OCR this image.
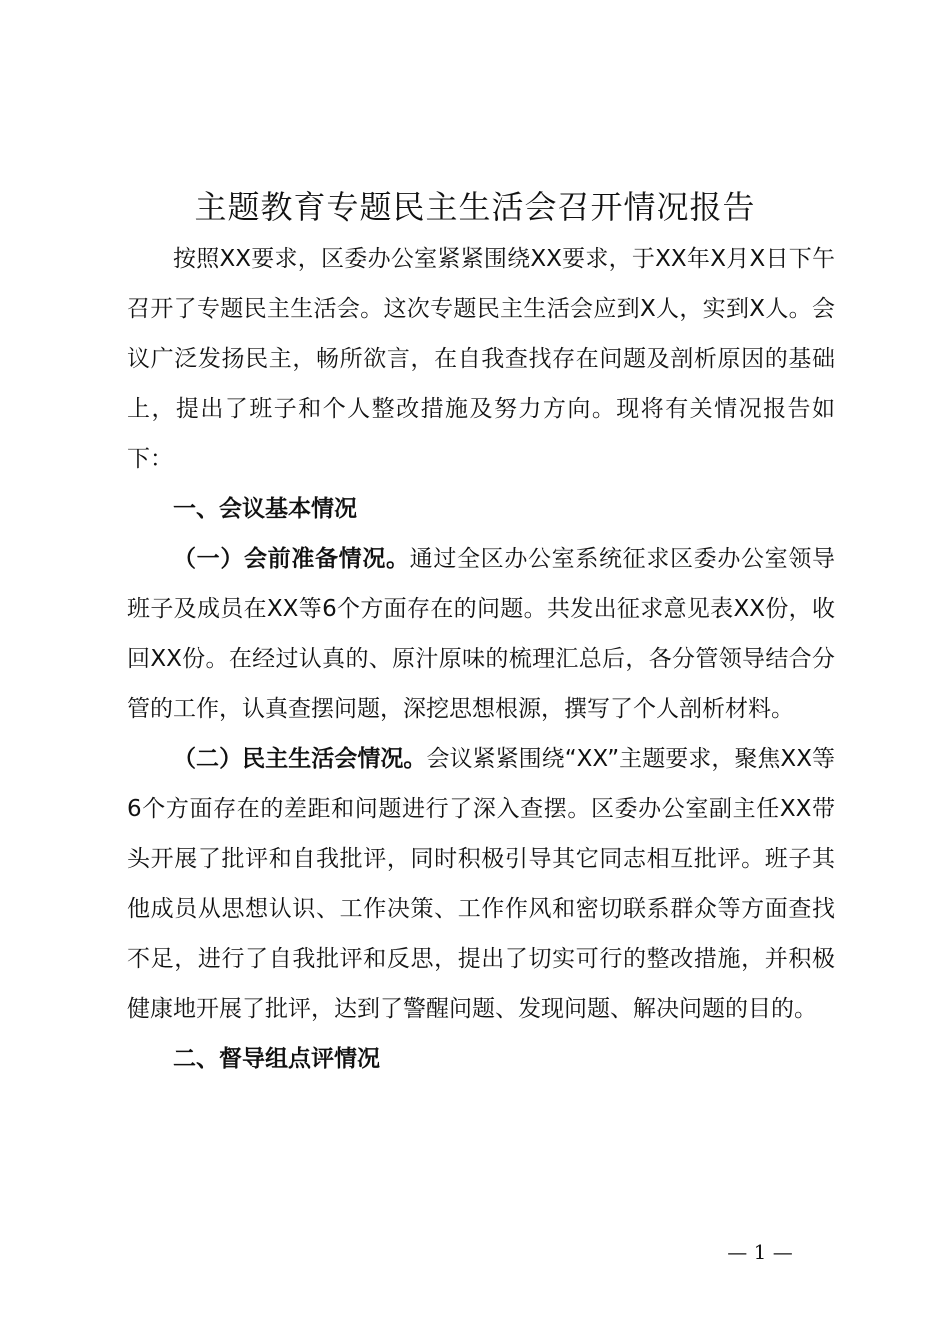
主题教育专题民主生活会召开情况报告

按照XX要求，区委办公室紧紧围绕XX要求，于XX年X月X日下午召开了专题民主生活会。这次专题民主生活会应到X人，实到X人。会议广泛发扬民主，畅所欲言，在自我查找存在问题及剖析原因的基础上，提出了班子和个人整改措施及努力方向。现将有关情况报告如下：

一、会议基本情况

（一）会前准备情况。通过全区办公室系统征求区委办公室领导班子及成员在XX等6个方面存在的问题。共发出征求意见表XX份，收回XX份。在经过认真的、原汁原味的梳理汇总后，各分管领导结合分管的工作，认真查摆问题，深挖思想根源，撰写了个人剖析材料。

（二）民主生活会情况。会议紧紧围绕“XX”主题要求，聚焦XX等6个方面存在的差距和问题进行了深入查摆。区委办公室副主任XX带头开展了批评和自我批评，同时积极引导其它同志相互批评。班子其他成员从思想认识、工作决策、工作作风和密切联系群众等方面查找不足，进行了自我批评和反思，提出了切实可行的整改措施，并积极健康地开展了批评，达到了警醒问题、发现问题、解决问题的目的。

二、督导组点评情况

— 1 —
